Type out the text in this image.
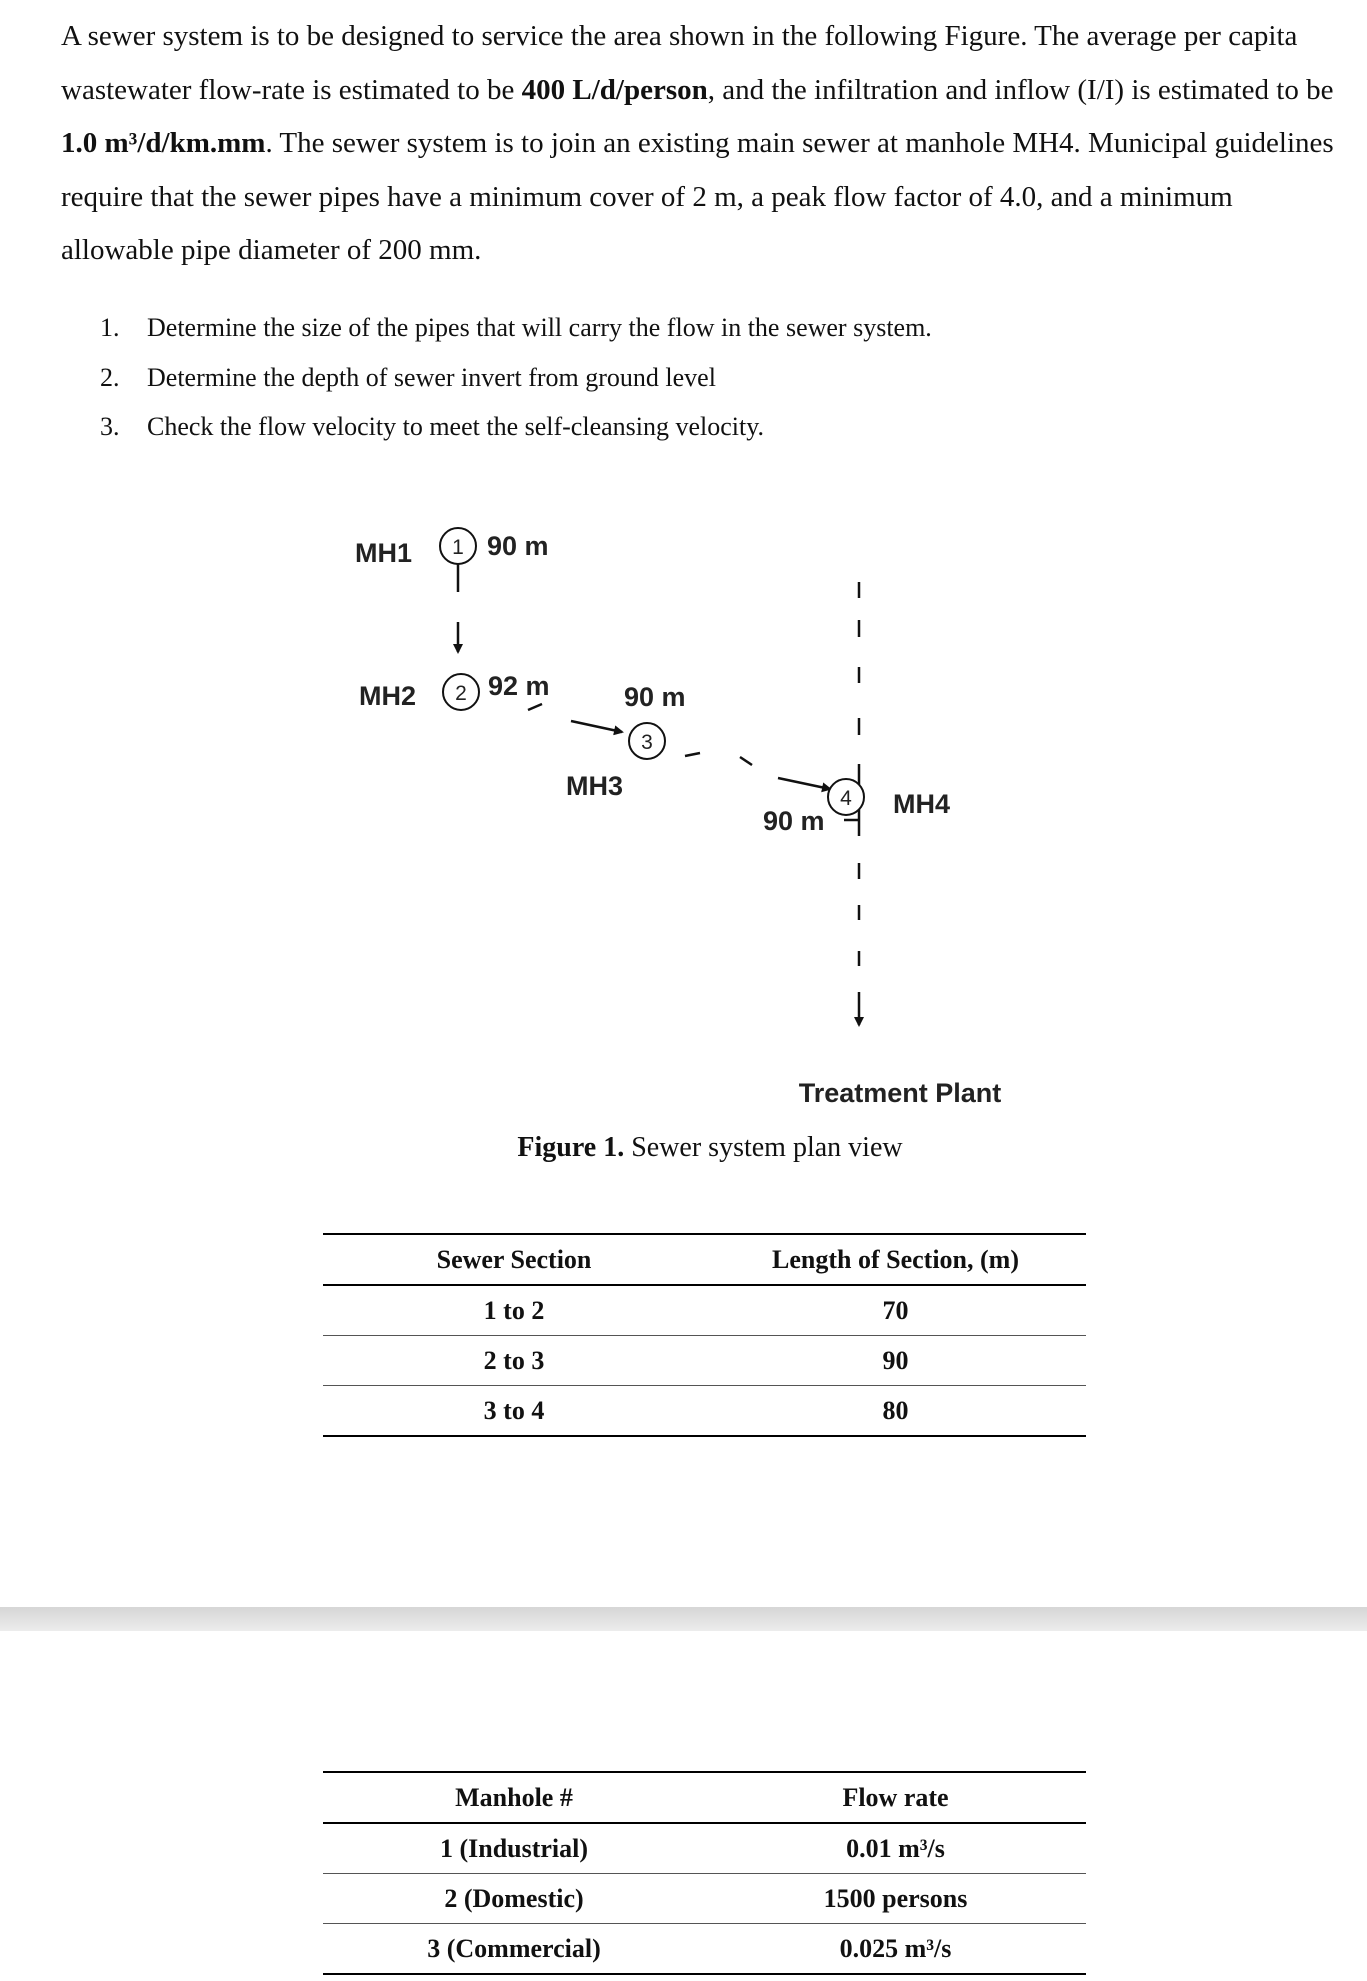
A sewer system is to be designed to service the area shown in the following Figure. The average per capita wastewater flow-rate is estimated to be 400 L/d/person, and the infiltration and inflow (I/I) is estimated to be 1.0 m³/d/km.mm. The sewer system is to join an existing main sewer at manhole MH4. Municipal guidelines require that the sewer pipes have a minimum cover of 2 m, a peak flow factor of 4.0, and a minimum allowable pipe diameter of 200 mm.

1. Determine the size of the pipes that will carry the flow in the sewer system.
2. Determine the depth of sewer invert from ground level
3. Check the flow velocity to meet the self-cleansing velocity.
MH1 1 90 m
MH2 2 92 m	90 m
3
MH3	4 MH4
90 m
Treatment Plant
Figure 1. Sewer system plan view
Sewer Section	Length of Section, (m)
1 to 2	70
2 to 3	90
3 to 4	80
Manhole #	Flow rate
1 (Industrial)	0.01 m³/s
2 (Domestic)	1500 persons
3 (Commercial)	0.025 m³/s
